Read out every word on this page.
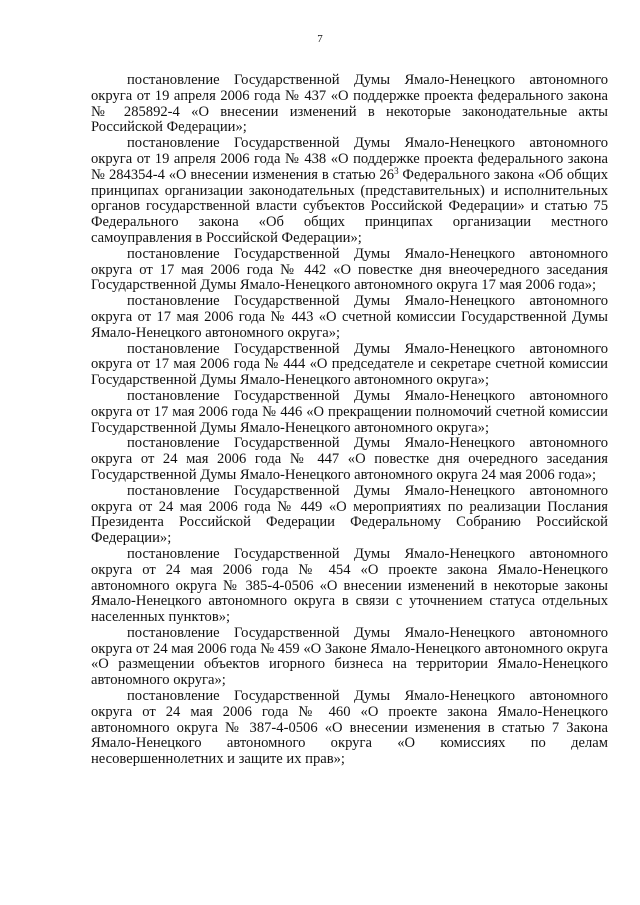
7

постановление Государственной Думы Ямало-Ненецкого автономного округа от 19 апреля 2006 года № 437 «О поддержке проекта федерального закона № 285892-4 «О внесении изменений в некоторые законодательные акты Российской Федерации»;

постановление Государственной Думы Ямало-Ненецкого автономного округа от 19 апреля 2006 года № 438 «О поддержке проекта федерального закона № 284354-4 «О внесении изменения в статью $26^3$ Федерального закона «Об общих принципах организации законодательных (представительных) и исполнительных органов государственной власти субъектов Российской Федерации» и статью 75 Федерального закона «Об общих принципах организации местного самоуправления в Российской Федерации»;

постановление Государственной Думы Ямало-Ненецкого автономного округа от 17 мая 2006 года № 442 «О повестке дня внеочередного заседания Государственной Думы Ямало-Ненецкого автономного округа 17 мая 2006 года»;

постановление Государственной Думы Ямало-Ненецкого автономного округа от 17 мая 2006 года № 443 «О счетной комиссии Государственной Думы Ямало-Ненецкого автономного округа»;

постановление Государственной Думы Ямало-Ненецкого автономного округа от 17 мая 2006 года № 444 «О председателе и секретаре счетной комиссии Государственной Думы Ямало-Ненецкого автономного округа»;

постановление Государственной Думы Ямало-Ненецкого автономного округа от 17 мая 2006 года № 446 «О прекращении полномочий счетной комиссии Государственной Думы Ямало-Ненецкого автономного округа»;

постановление Государственной Думы Ямало-Ненецкого автономного округа от 24 мая 2006 года № 447 «О повестке дня очередного заседания Государственной Думы Ямало-Ненецкого автономного округа 24 мая 2006 года»;

постановление Государственной Думы Ямало-Ненецкого автономного округа от 24 мая 2006 года № 449 «О мероприятиях по реализации Послания Президента Российской Федерации Федеральному Собранию Российской Федерации»;

постановление Государственной Думы Ямало-Ненецкого автономного округа от 24 мая 2006 года № 454 «О проекте закона Ямало-Ненецкого автономного округа № 385-4-0506 «О внесении изменений в некоторые законы Ямало-Ненецкого автономного округа в связи с уточнением статуса отдельных населенных пунктов»;

постановление Государственной Думы Ямало-Ненецкого автономного округа от 24 мая 2006 года № 459 «О Законе Ямало-Ненецкого автономного округа «О размещении объектов игорного бизнеса на территории Ямало-Ненецкого автономного округа»;

постановление Государственной Думы Ямало-Ненецкого автономного округа от 24 мая 2006 года № 460 «О проекте закона Ямало-Ненецкого автономного округа № 387-4-0506 «О внесении изменения в статью 7 Закона Ямало-Ненецкого автономного округа «О комиссиях по делам несовершеннолетних и защите их прав»;
